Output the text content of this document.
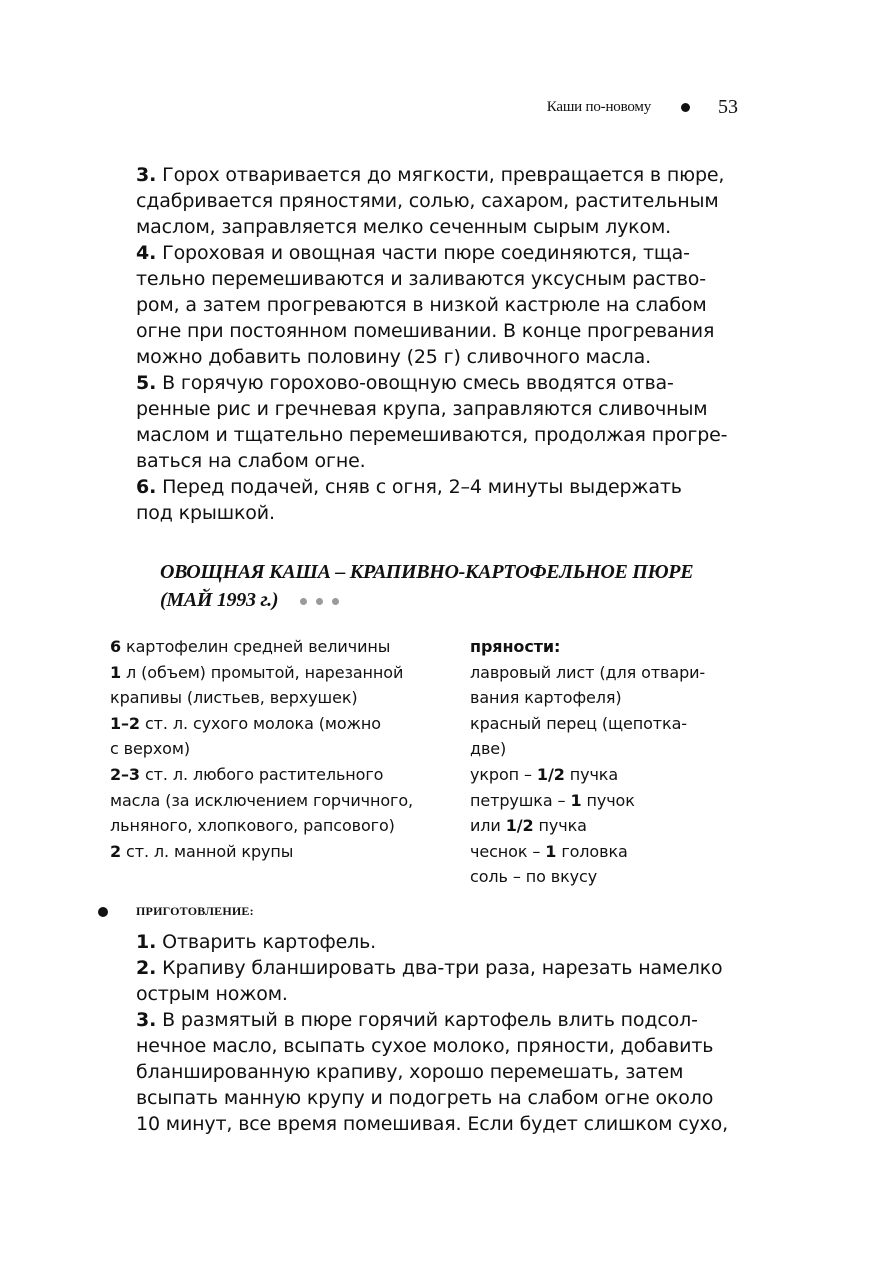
Каши по-новому	53
3. Горох отваривается до мягкости, превращается в пюре,
сдабривается пряностями, солью, сахаром, растительным
маслом, заправляется мелко сеченным сырым луком.
4. Гороховая и овощная части пюре соединяются, тща-
тельно перемешиваются и заливаются уксусным раство-
ром, а затем прогреваются в низкой кастрюле на слабом
огне при постоянном помешивании. В конце прогревания
можно добавить половину (25 г) сливочного масла.
5. В горячую горохово-овощную смесь вводятся отва-
ренные рис и гречневая крупа, заправляются сливочным
маслом и тщательно перемешиваются, продолжая прогре-
ваться на слабом огне.
6. Перед подачей, сняв с огня, 2–4 минуты выдержать
под крышкой.
ОВОЩНАЯ КАША – КРАПИВНО-КАРТОФЕЛЬНОЕ ПЮРЕ
(МАЙ 1993 г.)
6 картофелин средней величины
1 л (объем) промытой, нарезанной
крапивы (листьев, верхушек)
1–2 ст. л. сухого молока (можно
с верхом)
2–3 ст. л. любого растительного
масла (за исключением горчичного,
льняного, хлопкового, рапсового)
2 ст. л. манной крупы
пряности:
лавровый лист (для отвари-
вания картофеля)
красный перец (щепотка-
две)
укроп – 1/2 пучка
петрушка – 1 пучок
или 1/2 пучка
чеснок – 1 головка
соль – по вкусу
ПРИГОТОВЛЕНИЕ:
1. Отварить картофель.
2. Крапиву бланшировать два-три раза, нарезать намелко
острым ножом.
3. В размятый в пюре горячий картофель влить подсол-
нечное масло, всыпать сухое молоко, пряности, добавить
бланшированную крапиву, хорошо перемешать, затем
всыпать манную крупу и подогреть на слабом огне около
10 минут, все время помешивая. Если будет слишком сухо,
